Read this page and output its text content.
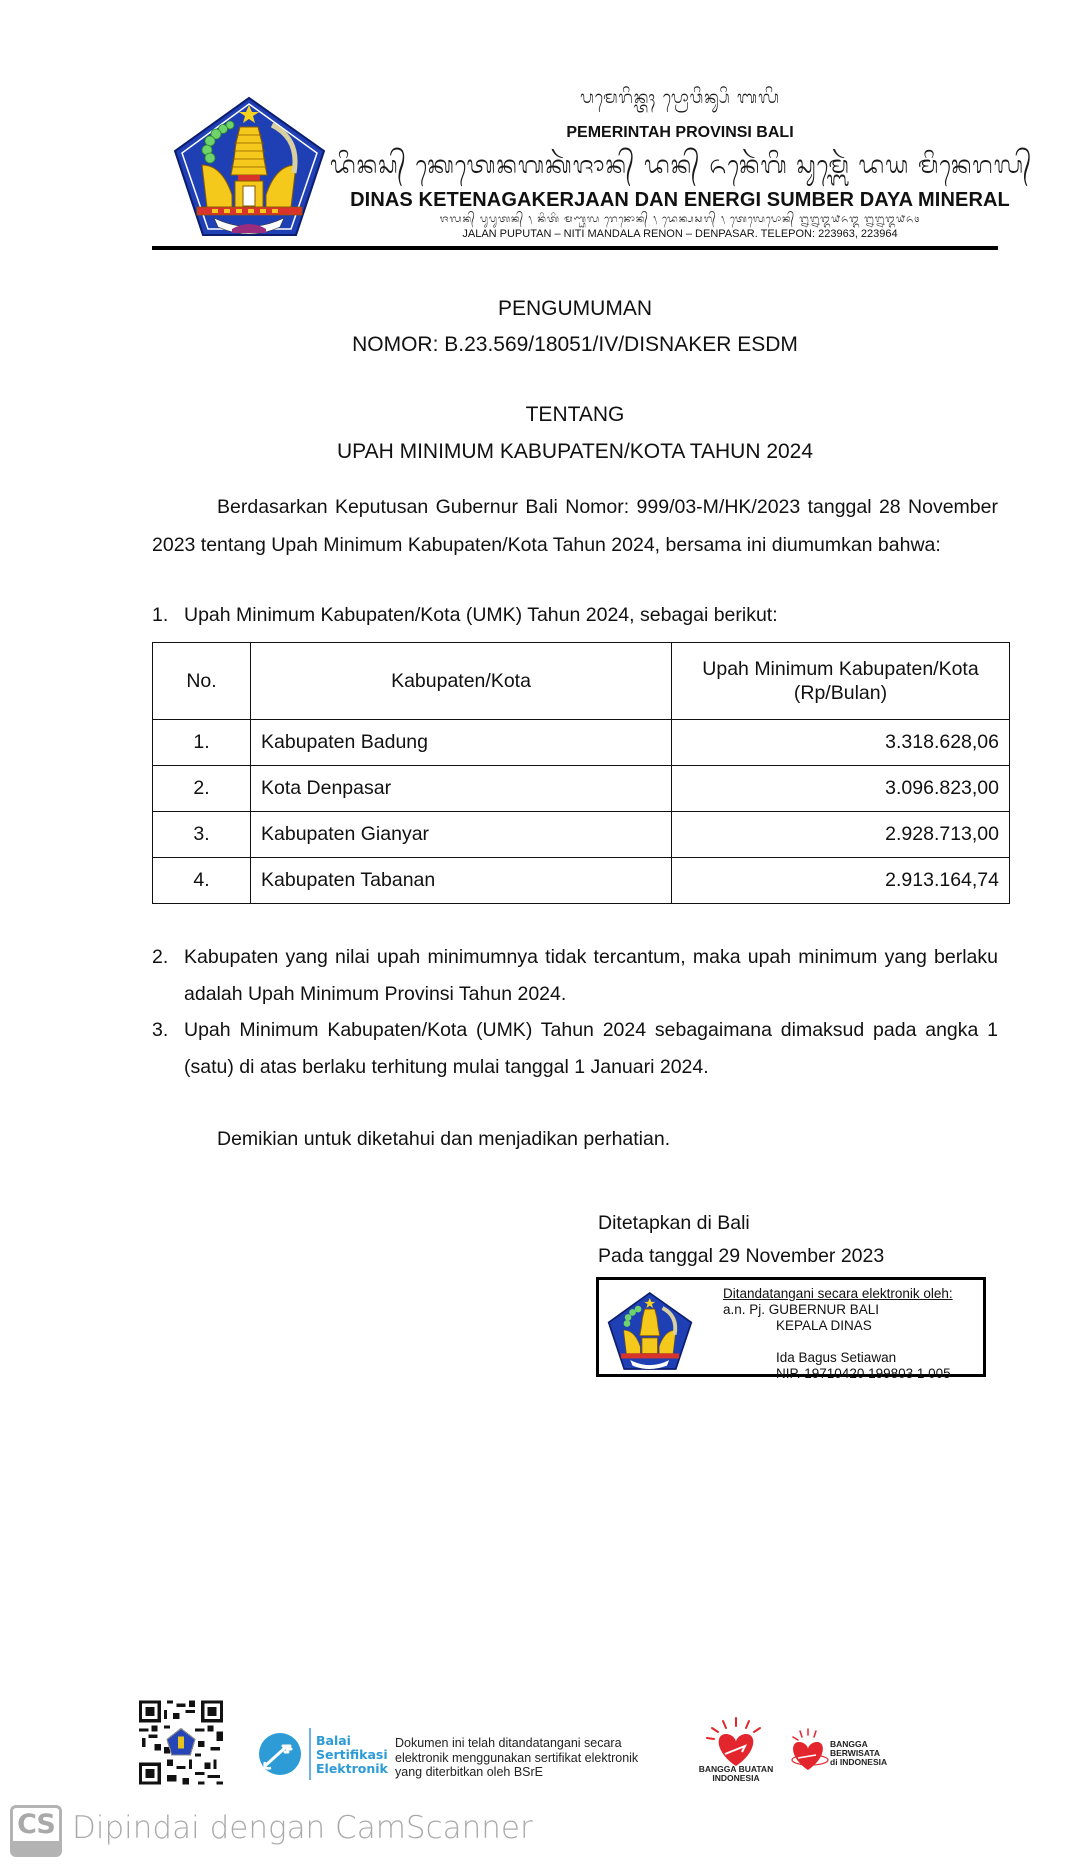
ᬧᬫᬾᬭᬶᬦ᭄ᬢᬄ ᬧ᭄ᬭᭀᬯᬶᬦ᭄ᬲᬶ ᬩᬮᬶ
PEMERINTAH PROVINSI BALI
ᬤᬶᬦᬲ᭄ ᬓᬾᬢᬾᬦᬕᬓᬃᬚᬵᬦ᭄ ᬤᬦ᭄ ᬏᬦᬾᬃᬕᬶ ᬲᬸᬫ᭄ᬩᬾᬃ ᬤᬬ ᬫᬶᬦᬾᬭᬮ᭄
DINAS KETENAGAKERJAAN DAN ENERGI SUMBER DAYA MINERAL
ᬚᬮᬦ᭄ ᬧᬸᬧᬸᬢᬦ᭄ ᭞ ᬦᬶᬢᬶ ᬫᬡ᭄ᬟᬮ ᬭᬾᬦᭀᬦ᭄ ᭞ ᬤᬾᬦ᭄ᬧᬲᬭ᭄ ᭞ ᬢᬾᬮᬾᬧᭀᬦ᭄ ᭒᭒᭓᭙᭖᭓ ᭒᭒᭓᭙᭖᭔
JALAN PUPUTAN – NITI MANDALA RENON – DENPASAR. TELEPON: 223963, 223964
PENGUMUMAN
NOMOR: B.23.569/18051/IV/DISNAKER ESDM
TENTANG
UPAH MINIMUM KABUPATEN/KOTA TAHUN 2024
Berdasarkan Keputusan Gubernur Bali Nomor: 999/03-M/HK/2023 tanggal 28 November 2023 tentang Upah Minimum Kabupaten/Kota Tahun 2024, bersama ini diumumkan bahwa:
1. Upah Minimum Kabupaten/Kota (UMK) Tahun 2024, sebagai berikut:
No.	Kabupaten/Kota	Upah Minimum Kabupaten/Kota
(Rp/Bulan)

1.	Kabupaten Badung	3.318.628,06
2.	Kota Denpasar	3.096.823,00
3.	Kabupaten Gianyar	2.928.713,00
4.	Kabupaten Tabanan	2.913.164,74
2. Kabupaten yang nilai upah minimumnya tidak tercantum, maka upah minimum yang berlaku adalah Upah Minimum Provinsi Tahun 2024.
3. Upah Minimum Kabupaten/Kota (UMK) Tahun 2024 sebagaimana dimaksud pada angka 1 (satu) di atas berlaku terhitung mulai tanggal 1 Januari 2024.
Demikian untuk diketahui dan menjadikan perhatian.
Ditetapkan di Bali
Pada tanggal 29 November 2023
Ditandatangani secara elektronik oleh:
a.n. Pj. GUBERNUR BALI
KEPALA DINAS
Ida Bagus Setiawan
NIP. 19710420 199803 1 005
Balai
Sertifikasi
Elektronik
Dokumen ini telah ditandatangani secara
elektronik menggunakan sertifikat elektronik
yang diterbitkan oleh BSrE	BANGGA BUATAN
INDONESIA
BANGGA
BERWISATA
di INDONESIA
CS Dipindai dengan CamScanner
